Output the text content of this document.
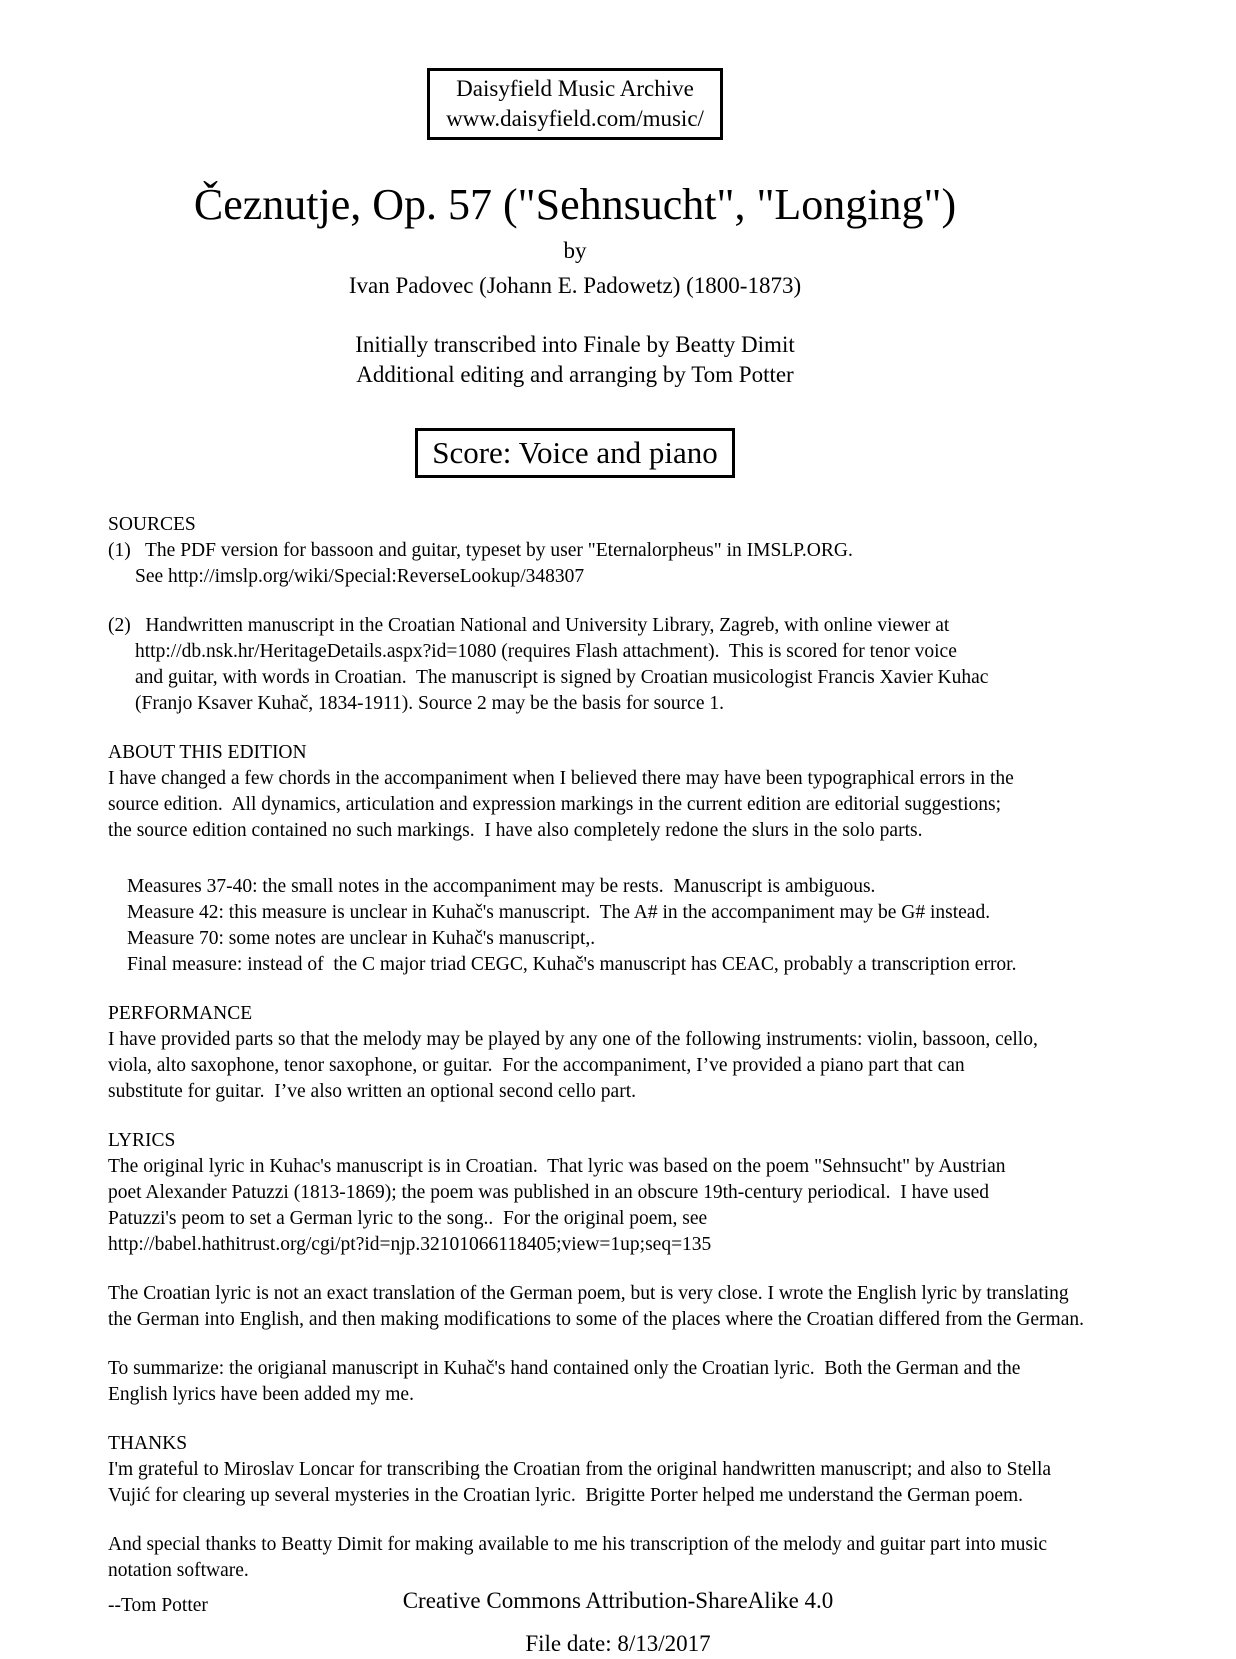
Daisyfield Music Archive
www.daisyfield.com/music/
Čeznutje, Op. 57 ("Sehnsucht", "Longing")
by
Ivan Padovec (Johann E. Padowetz) (1800-1873)
Initially transcribed into Finale by Beatty Dimit
Additional editing and arranging by Tom Potter
Score: Voice and piano
SOURCES
(1)   The PDF version for bassoon and guitar, typeset by user "Eternalorpheus" in IMSLP.ORG.
See http://imslp.org/wiki/Special:ReverseLookup/348307
(2)   Handwritten manuscript in the Croatian National and University Library, Zagreb, with online viewer at
http://db.nsk.hr/HeritageDetails.aspx?id=1080 (requires Flash attachment).  This is scored for tenor voice
and guitar, with words in Croatian.  The manuscript is signed by Croatian musicologist Francis Xavier Kuhac
(Franjo Ksaver Kuhač, 1834-1911). Source 2 may be the basis for source 1.
ABOUT THIS EDITION
I have changed a few chords in the accompaniment when I believed there may have been typographical errors in the
source edition.  All dynamics, articulation and expression markings in the current edition are editorial suggestions;
the source edition contained no such markings.  I have also completely redone the slurs in the solo parts.
Measures 37-40: the small notes in the accompaniment may be rests.  Manuscript is ambiguous.
Measure 42: this measure is unclear in Kuhač's manuscript.  The A# in the accompaniment may be G# instead.
Measure 70: some notes are unclear in Kuhač's manuscript,.
Final measure: instead of  the C major triad CEGC, Kuhač's manuscript has CEAC, probably a transcription error.
PERFORMANCE
I have provided parts so that the melody may be played by any one of the following instruments: violin, bassoon, cello,
viola, alto saxophone, tenor saxophone, or guitar.  For the accompaniment, I’ve provided a piano part that can
substitute for guitar.  I’ve also written an optional second cello part.
LYRICS
The original lyric in Kuhac's manuscript is in Croatian.  That lyric was based on the poem "Sehnsucht" by Austrian
poet Alexander Patuzzi (1813-1869); the poem was published in an obscure 19th-century periodical.  I have used
Patuzzi's peom to set a German lyric to the song..  For the original poem, see
http://babel.hathitrust.org/cgi/pt?id=njp.32101066118405;view=1up;seq=135
The Croatian lyric is not an exact translation of the German poem, but is very close. I wrote the English lyric by translating
the German into English, and then making modifications to some of the places where the Croatian differed from the German.
To summarize: the origianal manuscript in Kuhač's hand contained only the Croatian lyric.  Both the German and the
English lyrics have been added my me.
THANKS
I'm grateful to Miroslav Loncar for transcribing the Croatian from the original handwritten manuscript; and also to Stella
Vujić for clearing up several mysteries in the Croatian lyric.  Brigitte Porter helped me understand the German poem.
And special thanks to Beatty Dimit for making available to me his transcription of the melody and guitar part into music
notation software.
--Tom Potter	Creative Commons Attribution-ShareAlike 4.0
File date: 8/13/2017
